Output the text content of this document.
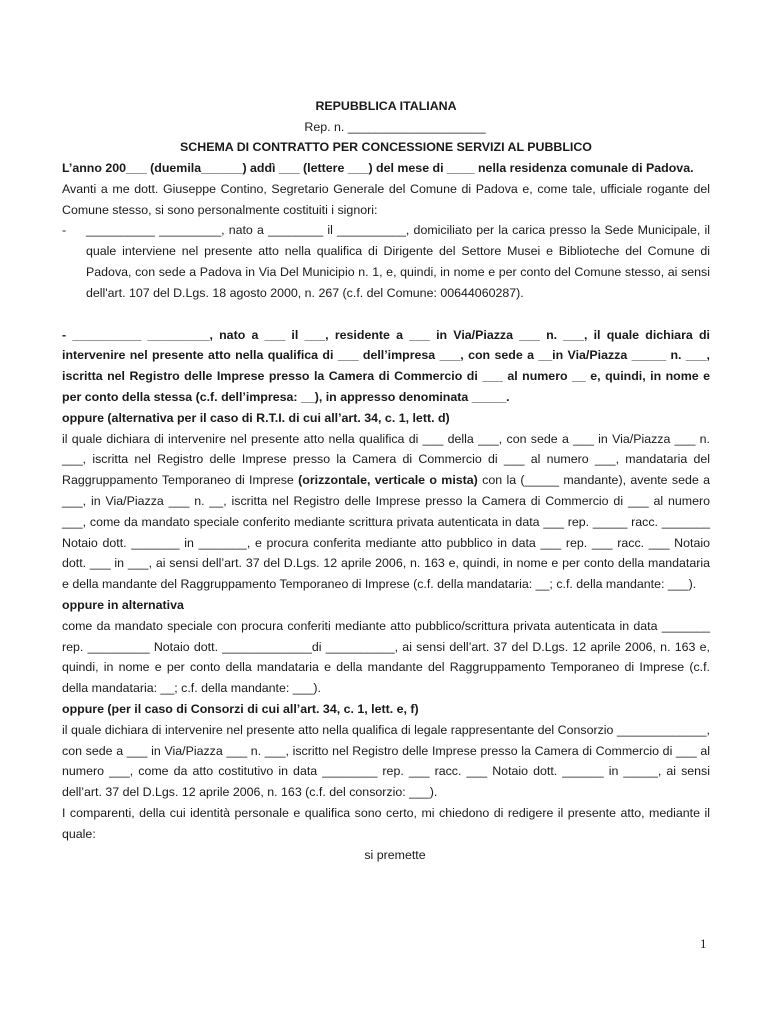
REPUBBLICA ITALIANA
Rep. n. ____________________
SCHEMA DI CONTRATTO PER CONCESSIONE SERVIZI AL PUBBLICO

L’anno 200___ (duemila______) addì ___ (lettere ___) del mese di ____ nella residenza comunale di Padova.

Avanti a me dott. Giuseppe Contino, Segretario Generale del Comune di Padova e, come tale, ufficiale rogante del Comune stesso, si sono personalmente costituiti i signori:

-	__________ _________, nato a ________ il __________, domiciliato per la carica presso la Sede Municipale, il quale interviene nel presente atto nella qualifica di Dirigente del Settore Musei e Biblioteche del Comune di Padova, con sede a Padova in Via Del Municipio n. 1, e, quindi, in nome e per conto del Comune stesso, ai sensi dell'art. 107 del D.Lgs. 18 agosto 2000, n. 267 (c.f. del Comune: 00644060287).

- __________ _________, nato a ___ il ___, residente a ___ in Via/Piazza ___ n. ___, il quale dichiara di intervenire nel presente atto nella qualifica di ___ dell’impresa ___, con sede a __in Via/Piazza _____ n. ___, iscritta nel Registro delle Imprese presso la Camera di Commercio di ___ al numero __ e, quindi, in nome e per conto della stessa (c.f. dell’impresa: __), in appresso denominata _____.

oppure (alternativa per il caso di R.T.I. di cui all’art. 34, c. 1, lett. d)

il quale dichiara di intervenire nel presente atto nella qualifica di ___ della ___, con sede a ___ in Via/Piazza ___ n. ___, iscritta nel Registro delle Imprese presso la Camera di Commercio di ___ al numero ___, mandataria del Raggruppamento Temporaneo di Imprese (orizzontale, verticale o mista) con la (_____ mandante), avente sede a ___, in Via/Piazza ___ n. __, iscritta nel Registro delle Imprese presso la Camera di Commercio di ___ al numero ___, come da mandato speciale conferito mediante scrittura privata autenticata in data ___ rep. _____ racc. _______ Notaio dott. _______ in _______, e procura conferita mediante atto pubblico in data ___ rep. ___ racc. ___ Notaio dott. ___ in ___, ai sensi dell’art. 37 del D.Lgs. 12 aprile 2006, n. 163 e, quindi, in nome e per conto della mandataria e della mandante del Raggruppamento Temporaneo di Imprese (c.f. della mandataria: __; c.f. della mandante: ___).

oppure in alternativa

come da mandato speciale con procura conferiti mediante atto pubblico/scrittura privata autenticata in data _______ rep. _________ Notaio dott. _____________di __________, ai sensi dell’art. 37 del D.Lgs. 12 aprile 2006, n. 163 e, quindi, in nome e per conto della mandataria e della mandante del Raggruppamento Temporaneo di Imprese (c.f. della mandataria: __; c.f. della mandante: ___).

oppure (per il caso di Consorzi di cui all’art. 34, c. 1, lett. e, f)

il quale dichiara di intervenire nel presente atto nella qualifica di legale rappresentante del Consorzio _____________, con sede a ___ in Via/Piazza ___ n. ___, iscritto nel Registro delle Imprese presso la Camera di Commercio di ___ al numero ___, come da atto costitutivo in data ________ rep. ___ racc. ___ Notaio dott. ______ in _____, ai sensi dell’art. 37 del D.Lgs. 12 aprile 2006, n. 163 (c.f. del consorzio: ___).

I comparenti, della cui identità personale e qualifica sono certo, mi chiedono di redigere il presente atto, mediante il quale:

si premette

1
